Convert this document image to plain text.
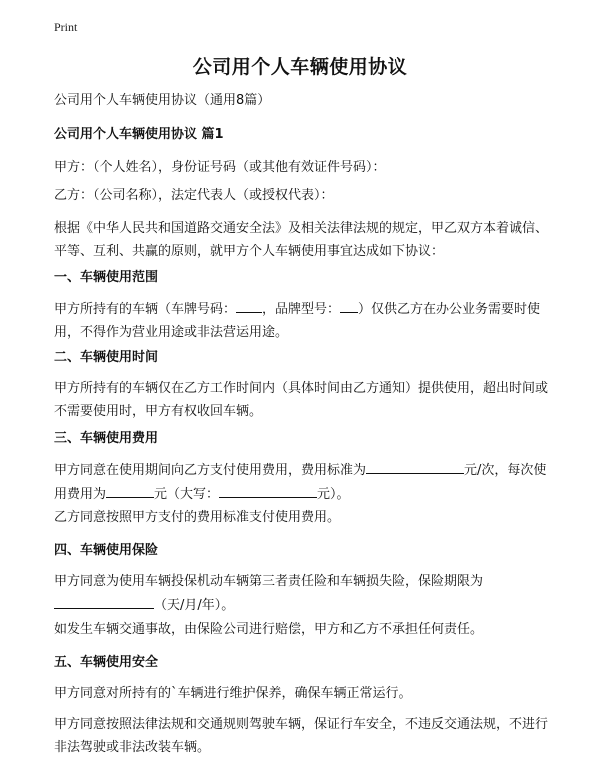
Print
公司用个人车辆使用协议
公司用个人车辆使用协议（通用8篇）
公司用个人车辆使用协议 篇1
甲方：（个人姓名），身份证号码（或其他有效证件号码）：
乙方：（公司名称），法定代表人（或授权代表）：
根据《中华人民共和国道路交通安全法》及相关法律法规的规定，甲乙双方本着诚信、平等、互利、共赢的原则，就甲方个人车辆使用事宜达成如下协议：
一、车辆使用范围
甲方所持有的车辆（车牌号码： ，品牌型号： ）仅供乙方在办公业务需要时使用，不得作为营业用途或非法营运用途。
二、车辆使用时间
甲方所持有的车辆仅在乙方工作时间内（具体时间由乙方通知）提供使用，超出时间或不需要使用时，甲方有权收回车辆。
三、车辆使用费用
甲方同意在使用期间向乙方支付使用费用，费用标准为	元/次，每次使用费用为	元（大写：	元）。
乙方同意按照甲方支付的费用标准支付使用费用。
四、车辆使用保险
甲方同意为使用车辆投保机动车辆第三者责任险和车辆损失险，保险期限为（天/月/年）。
如发生车辆交通事故，由保险公司进行赔偿，甲方和乙方不承担任何责任。
五、车辆使用安全
甲方同意对所持有的`车辆进行维护保养，确保车辆正常运行。
甲方同意按照法律法规和交通规则驾驶车辆，保证行车安全，不违反交通法规，不进行非法驾驶或非法改装车辆。
